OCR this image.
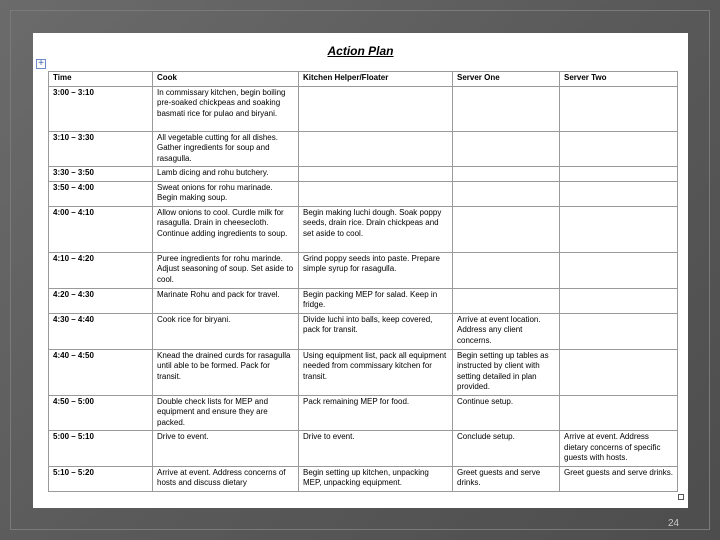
Action Plan
+
Time	Cook	Kitchen Helper/Floater	Server One	Server Two
3:00 – 3:10	In commissary kitchen, begin boiling pre-soaked chickpeas and soaking basmati rice for pulao and biryani.			
3:10 – 3:30	All vegetable cutting for all dishes. Gather ingredients for soup and rasagulla.			
3:30 – 3:50	Lamb dicing and rohu butchery.			
3:50 – 4:00	Sweat onions for rohu marinade. Begin making soup.			
4:00 – 4:10	Allow onions to cool. Curdle milk for rasagulla. Drain in cheesecloth. Continue adding ingredients to soup.	Begin making luchi dough. Soak poppy seeds, drain rice. Drain chickpeas and set aside to cool.		
4:10 – 4:20	Puree ingredients for rohu marinde. Adjust seasoning of soup. Set aside to cool.	Grind poppy seeds into paste. Prepare simple syrup for rasagulla.		
4:20 – 4:30	Marinate Rohu and pack for travel.	Begin packing MEP for salad. Keep in fridge.		
4:30 – 4:40	Cook rice for biryani.	Divide luchi into balls, keep covered, pack for transit.	Arrive at event location. Address any client concerns.	
4:40 – 4:50	Knead the drained curds for rasagulla until able to be formed. Pack for transit.	Using equipment list, pack all equipment needed from commissary kitchen for transit.	Begin setting up tables as instructed by client with setting detailed in plan provided.	
4:50 – 5:00	Double check lists for MEP and equipment and ensure they are packed.	Pack remaining MEP for food.	Continue setup.	
5:00 – 5:10	Drive to event.	Drive to event.	Conclude setup.	Arrive at event. Address dietary concerns of specific guests with hosts.
5:10 – 5:20	Arrive at event. Address concerns of hosts and discuss dietary	Begin setting up kitchen, unpacking MEP, unpacking equipment.	Greet guests and serve drinks.	Greet guests and serve drinks.
24
